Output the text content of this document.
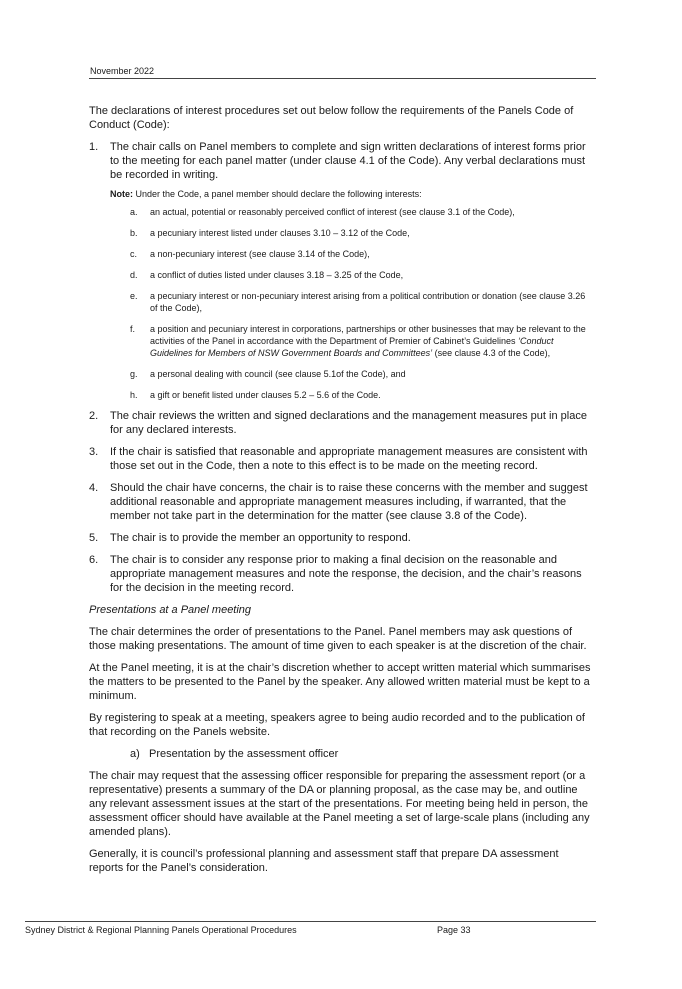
November 2022

The declarations of interest procedures set out below follow the requirements of the Panels Code of Conduct (Code):

1. The chair calls on Panel members to complete and sign written declarations of interest forms prior to the meeting for each panel matter (under clause 4.1 of the Code). Any verbal declarations must be recorded in writing.

Note: Under the Code, a panel member should declare the following interests:

a. an actual, potential or reasonably perceived conflict of interest (see clause 3.1 of the Code),
b. a pecuniary interest listed under clauses 3.10 – 3.12 of the Code,
c. a non-pecuniary interest (see clause 3.14 of the Code),
d. a conflict of duties listed under clauses 3.18 – 3.25 of the Code,
e. a pecuniary interest or non-pecuniary interest arising from a political contribution or donation (see clause 3.26 of the Code),
f. a position and pecuniary interest in corporations, partnerships or other businesses that may be relevant to the activities of the Panel in accordance with the Department of Premier of Cabinet’s Guidelines ‘Conduct Guidelines for Members of NSW Government Boards and Committees’ (see clause 4.3 of the Code),
g. a personal dealing with council (see clause 5.1of the Code), and
h. a gift or benefit listed under clauses 5.2 – 5.6 of the Code.
2. The chair reviews the written and signed declarations and the management measures put in place for any declared interests.
3. If the chair is satisfied that reasonable and appropriate management measures are consistent with those set out in the Code, then a note to this effect is to be made on the meeting record.
4. Should the chair have concerns, the chair is to raise these concerns with the member and suggest additional reasonable and appropriate management measures including, if warranted, that the member not take part in the determination for the matter (see clause 3.8 of the Code).
5. The chair is to provide the member an opportunity to respond.
6. The chair is to consider any response prior to making a final decision on the reasonable and appropriate management measures and note the response, the decision, and the chair’s reasons for the decision in the meeting record.

Presentations at a Panel meeting

The chair determines the order of presentations to the Panel. Panel members may ask questions of those making presentations. The amount of time given to each speaker is at the discretion of the chair.

At the Panel meeting, it is at the chair’s discretion whether to accept written material which summarises the matters to be presented to the Panel by the speaker. Any allowed written material must be kept to a minimum.

By registering to speak at a meeting, speakers agree to being audio recorded and to the publication of that recording on the Panels website.

a) Presentation by the assessment officer

The chair may request that the assessing officer responsible for preparing the assessment report (or a representative) presents a summary of the DA or planning proposal, as the case may be, and outline any relevant assessment issues at the start of the presentations. For meeting being held in person, the assessment officer should have available at the Panel meeting a set of large-scale plans (including any amended plans).

Generally, it is council’s professional planning and assessment staff that prepare DA assessment reports for the Panel’s consideration.

Sydney District & Regional Planning Panels Operational Procedures	Page 33
